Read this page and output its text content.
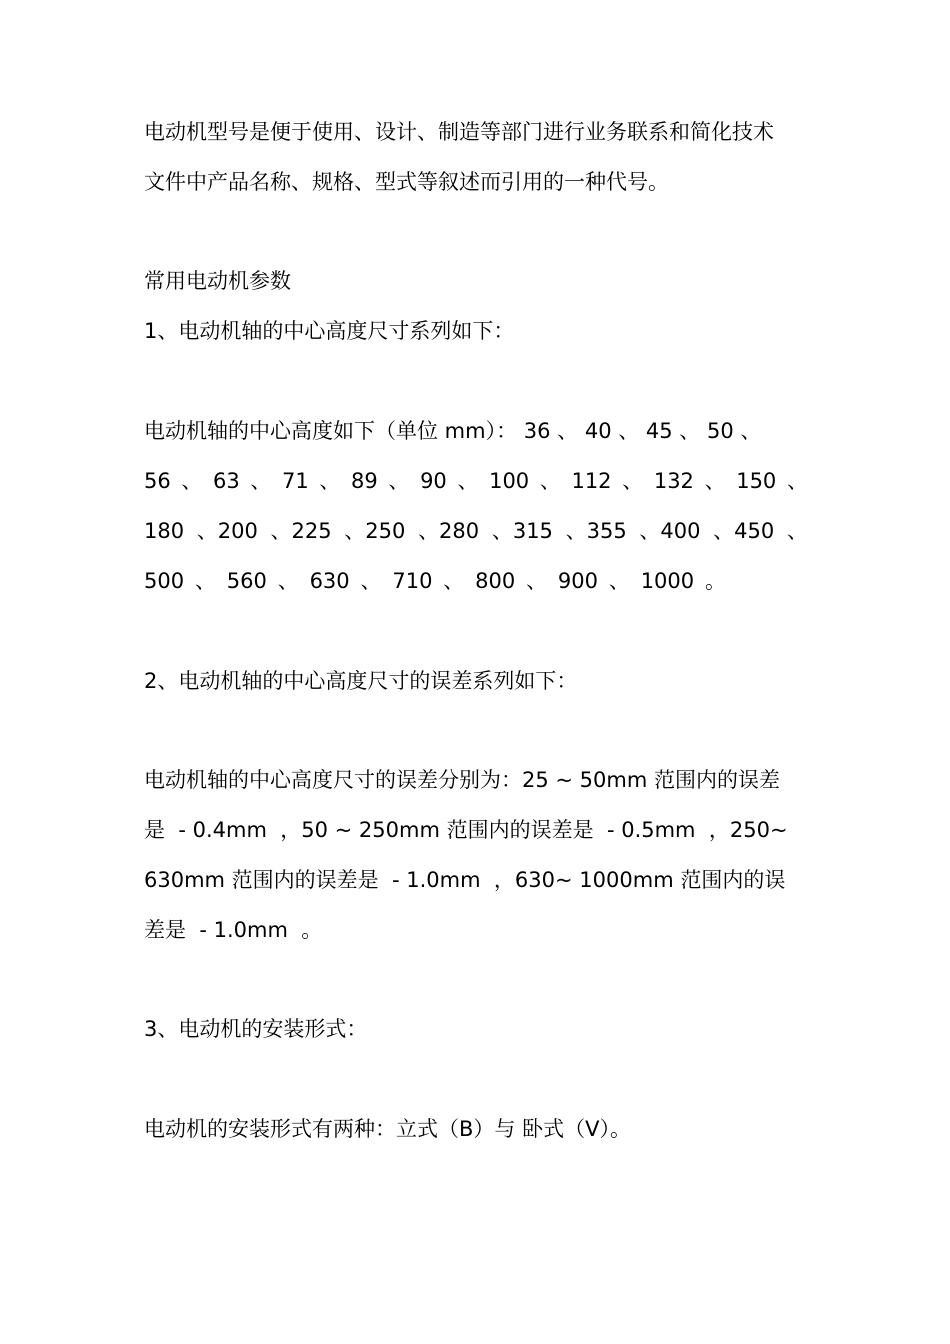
电动机型号是便于使用、设计、制造等部门进行业务联系和简化技术
文件中产品名称、规格、型式等叙述而引用的一种代号。
常用电动机参数
1、电动机轴的中心高度尺寸系列如下：
电动机轴的中心高度如下（单位 mm）： 36 、 40 、 45 、 50 、
56 、 63 、 71 、 89 、 90 、 100 、 112 、 132 、 150 、
180 、200 、225 、250 、280 、315 、355 、400 、450 、
500 、 560 、 630 、 710 、 800 、 900 、 1000 。
2、电动机轴的中心高度尺寸的误差系列如下：
电动机轴的中心高度尺寸的误差分别为：25 ~ 50mm 范围内的误差
是  - 0.4mm  ，50 ~ 250mm 范围内的误差是  - 0.5mm  ，250~
630mm 范围内的误差是  - 1.0mm  ，630~ 1000mm 范围内的误
差是  - 1.0mm  。
3、电动机的安装形式：
电动机的安装形式有两种：立式（B）与 卧式（V）。
